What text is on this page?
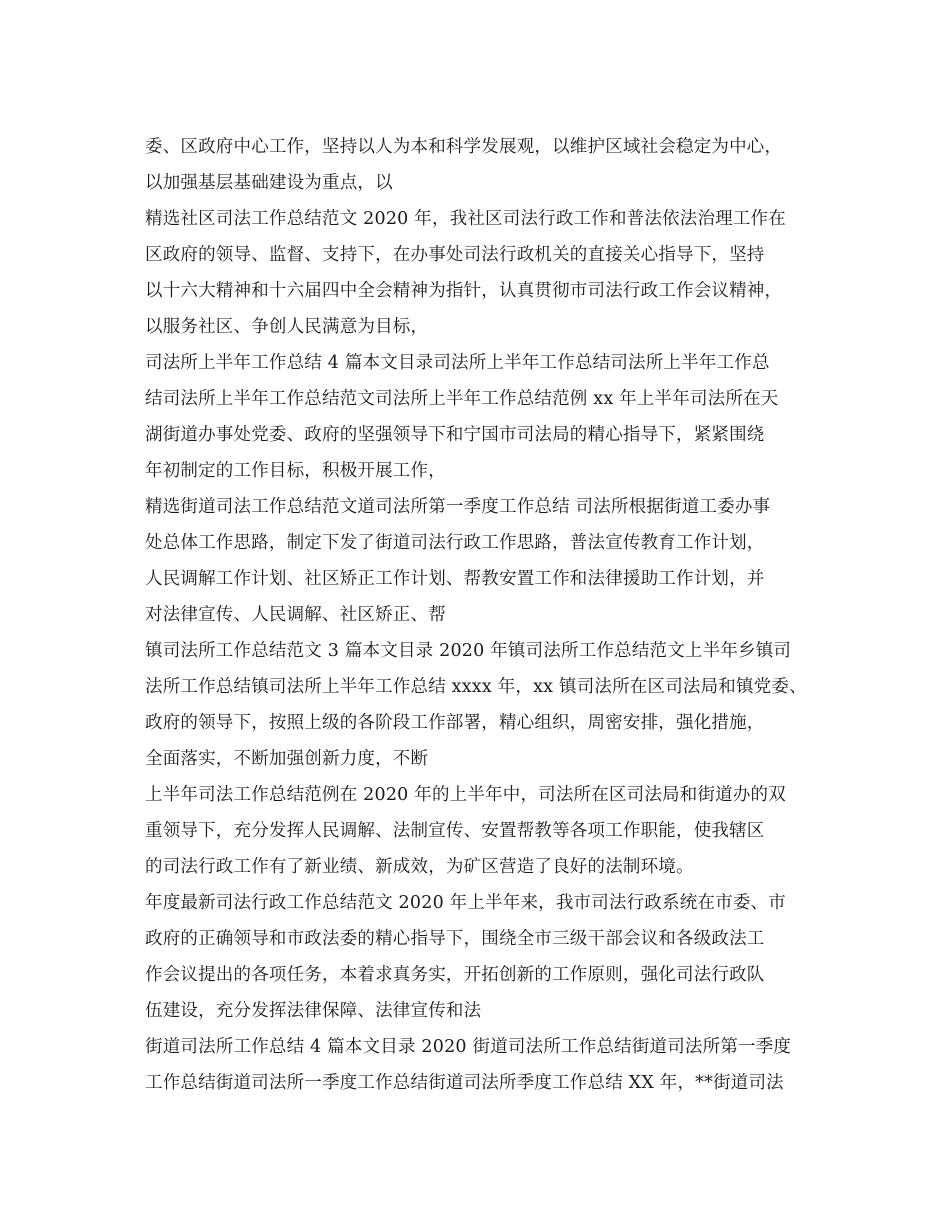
委、区政府中心工作，坚持以人为本和科学发展观，以维护区域社会稳定为中心，
以加强基层基础建设为重点，以
精选社区司法工作总结范文 2020 年，我社区司法行政工作和普法依法治理工作在
区政府的领导、监督、支持下，在办事处司法行政机关的直接关心指导下，坚持
以十六大精神和十六届四中全会精神为指针，认真贯彻市司法行政工作会议精神，
以服务社区、争创人民满意为目标，
司法所上半年工作总结 4 篇本文目录司法所上半年工作总结司法所上半年工作总
结司法所上半年工作总结范文司法所上半年工作总结范例 xx 年上半年司法所在天
湖街道办事处党委、政府的坚强领导下和宁国市司法局的精心指导下，紧紧围绕
年初制定的工作目标，积极开展工作，
精选街道司法工作总结范文道司法所第一季度工作总结 司法所根据街道工委办事
处总体工作思路，制定下发了街道司法行政工作思路，普法宣传教育工作计划，
人民调解工作计划、社区矫正工作计划、帮教安置工作和法律援助工作计划，并
对法律宣传、人民调解、社区矫正、帮
镇司法所工作总结范文 3 篇本文目录 2020 年镇司法所工作总结范文上半年乡镇司
法所工作总结镇司法所上半年工作总结 xxxx 年，xx 镇司法所在区司法局和镇党委、
政府的领导下，按照上级的各阶段工作部署，精心组织，周密安排，强化措施，
全面落实，不断加强创新力度，不断
上半年司法工作总结范例在 2020 年的上半年中，司法所在区司法局和街道办的双
重领导下，充分发挥人民调解、法制宣传、安置帮教等各项工作职能，使我辖区
的司法行政工作有了新业绩、新成效，为矿区营造了良好的法制环境。
年度最新司法行政工作总结范文 2020 年上半年来，我市司法行政系统在市委、市
政府的正确领导和市政法委的精心指导下，围绕全市三级干部会议和各级政法工
作会议提出的各项任务，本着求真务实，开拓创新的工作原则，强化司法行政队
伍建设，充分发挥法律保障、法律宣传和法
街道司法所工作总结 4 篇本文目录 2020 街道司法所工作总结街道司法所第一季度
工作总结街道司法所一季度工作总结街道司法所季度工作总结 XX 年，**街道司法
